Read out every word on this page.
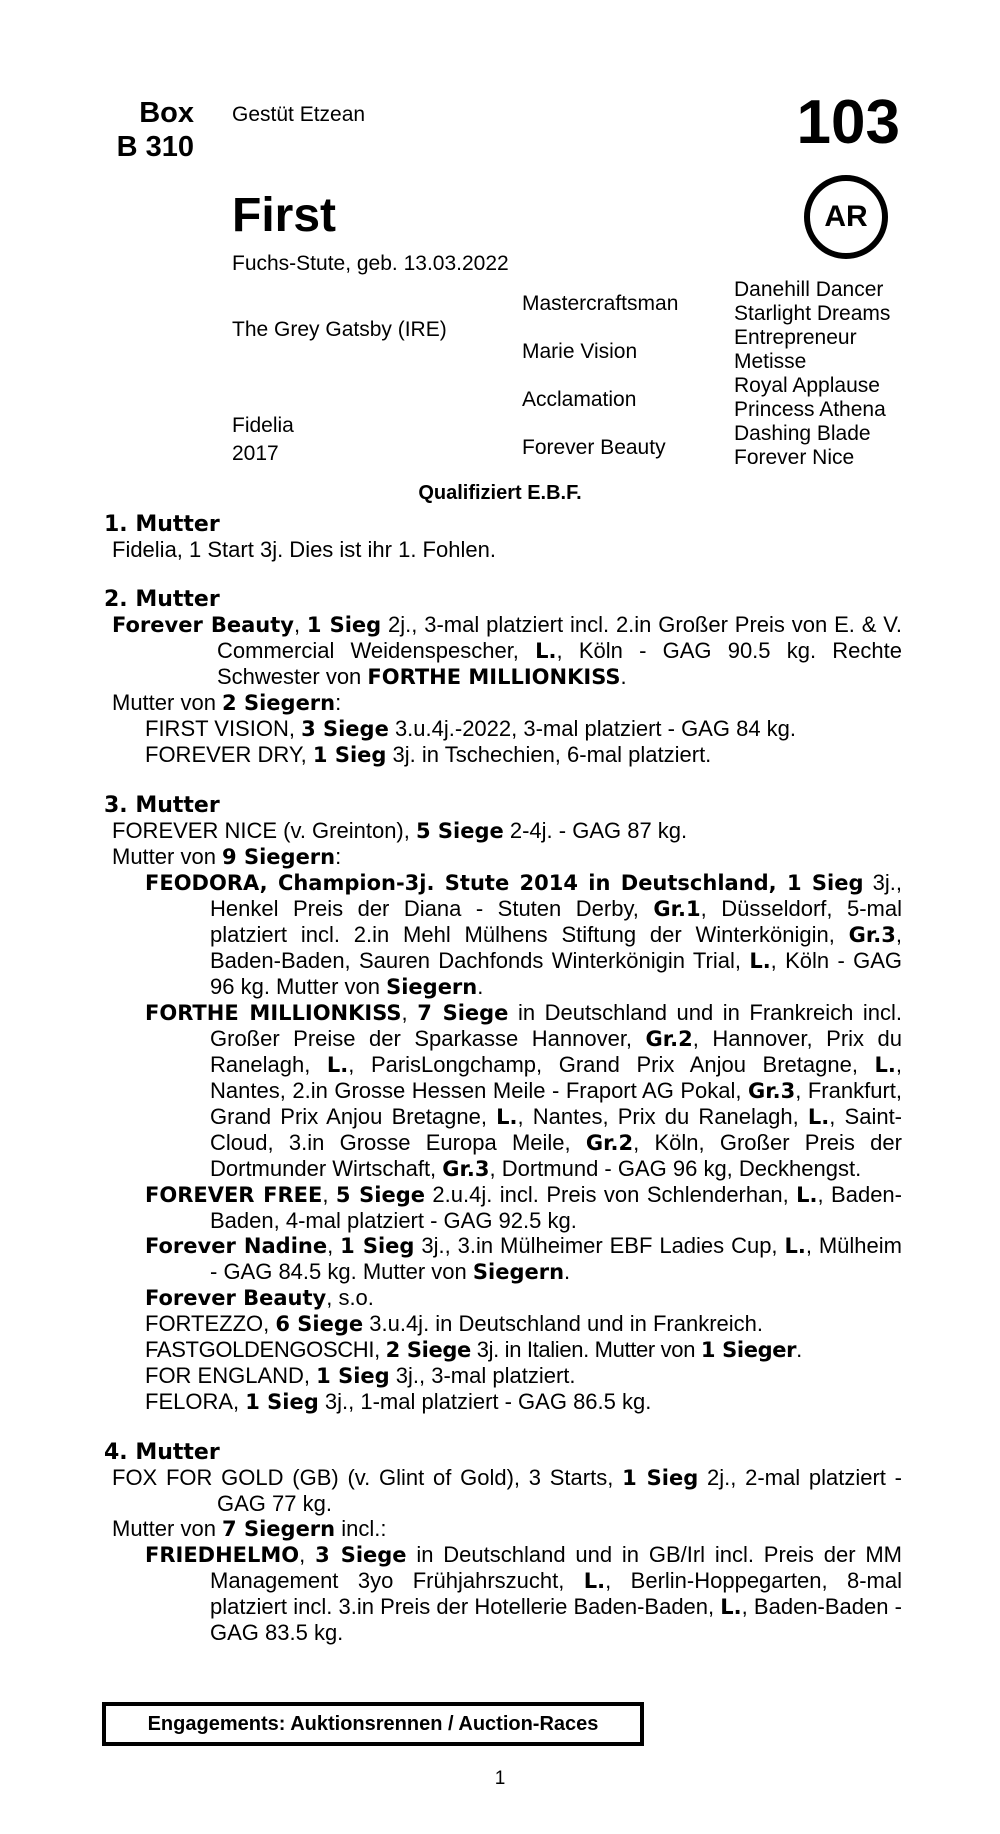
Box
B 310
Gestüt Etzean	103
First	AR
Fuchs-Stute, geb. 13.03.2022
The Grey Gatsby (IRE)
Fidelia
2017
Mastercraftsman
Marie Vision
Acclamation
Forever Beauty
Danehill Dancer
Starlight Dreams
Entrepreneur
Metisse
Royal Applause
Princess Athena
Dashing Blade
Forever Nice
Qualifiziert E.B.F.
1. Mutter
Fidelia, 1 Start 3j. Dies ist ihr 1. Fohlen.
2. Mutter
Forever Beauty, 1 Sieg 2j., 3-mal platziert incl. 2.in Großer Preis von E. & V. Commercial Weidenspescher, L., Köln - GAG 90.5 kg. Rechte Schwester von FORTHE MILLIONKISS.
Mutter von 2 Siegern:
FIRST VISION, 3 Siege 3.u.4j.-2022, 3-mal platziert - GAG 84 kg.
FOREVER DRY, 1 Sieg 3j. in Tschechien, 6-mal platziert.
3. Mutter
FOREVER NICE (v. Greinton), 5 Siege 2-4j. - GAG 87 kg.
Mutter von 9 Siegern:
FEODORA, Champion-3j. Stute 2014 in Deutschland, 1 Sieg 3j., Henkel Preis der Diana - Stuten Derby, Gr.1, Düsseldorf, 5-mal platziert incl. 2.in Mehl Mülhens Stiftung der Winterkönigin, Gr.3, Baden-Baden, Sauren Dachfonds Winterkönigin Trial, L., Köln - GAG 96 kg. Mutter von Siegern.
FORTHE MILLIONKISS, 7 Siege in Deutschland und in Frankreich incl. Großer Preise der Sparkasse Hannover, Gr.2, Hannover, Prix du Ranelagh, L., ParisLongchamp, Grand Prix Anjou Bretagne, L., Nantes, 2.in Grosse Hessen Meile - Fraport AG Pokal, Gr.3, Frankfurt, Grand Prix Anjou Bretagne, L., Nantes, Prix du Ranelagh, L., Saint-Cloud, 3.in Grosse Europa Meile, Gr.2, Köln, Großer Preis der Dortmunder Wirtschaft, Gr.3, Dortmund - GAG 96 kg, Deckhengst.
FOREVER FREE, 5 Siege 2.u.4j. incl. Preis von Schlenderhan, L., Baden-Baden, 4-mal platziert - GAG 92.5 kg.
Forever Nadine, 1 Sieg 3j., 3.in Mülheimer EBF Ladies Cup, L., Mülheim - GAG 84.5 kg. Mutter von Siegern.
Forever Beauty, s.o.
FORTEZZO, 6 Siege 3.u.4j. in Deutschland und in Frankreich.
FASTGOLDENGOSCHI, 2 Siege 3j. in Italien. Mutter von 1 Sieger.
FOR ENGLAND, 1 Sieg 3j., 3-mal platziert.
FELORA, 1 Sieg 3j., 1-mal platziert - GAG 86.5 kg.
4. Mutter
FOX FOR GOLD (GB) (v. Glint of Gold), 3 Starts, 1 Sieg 2j., 2-mal platziert - GAG 77 kg.
Mutter von 7 Siegern incl.:
FRIEDHELMO, 3 Siege in Deutschland und in GB/Irl incl. Preis der MM Management 3yo Frühjahrszucht, L., Berlin-Hoppegarten, 8-mal platziert incl. 3.in Preis der Hotellerie Baden-Baden, L., Baden-Baden - GAG 83.5 kg.
Engagements: Auktionsrennen / Auction-Races
1
